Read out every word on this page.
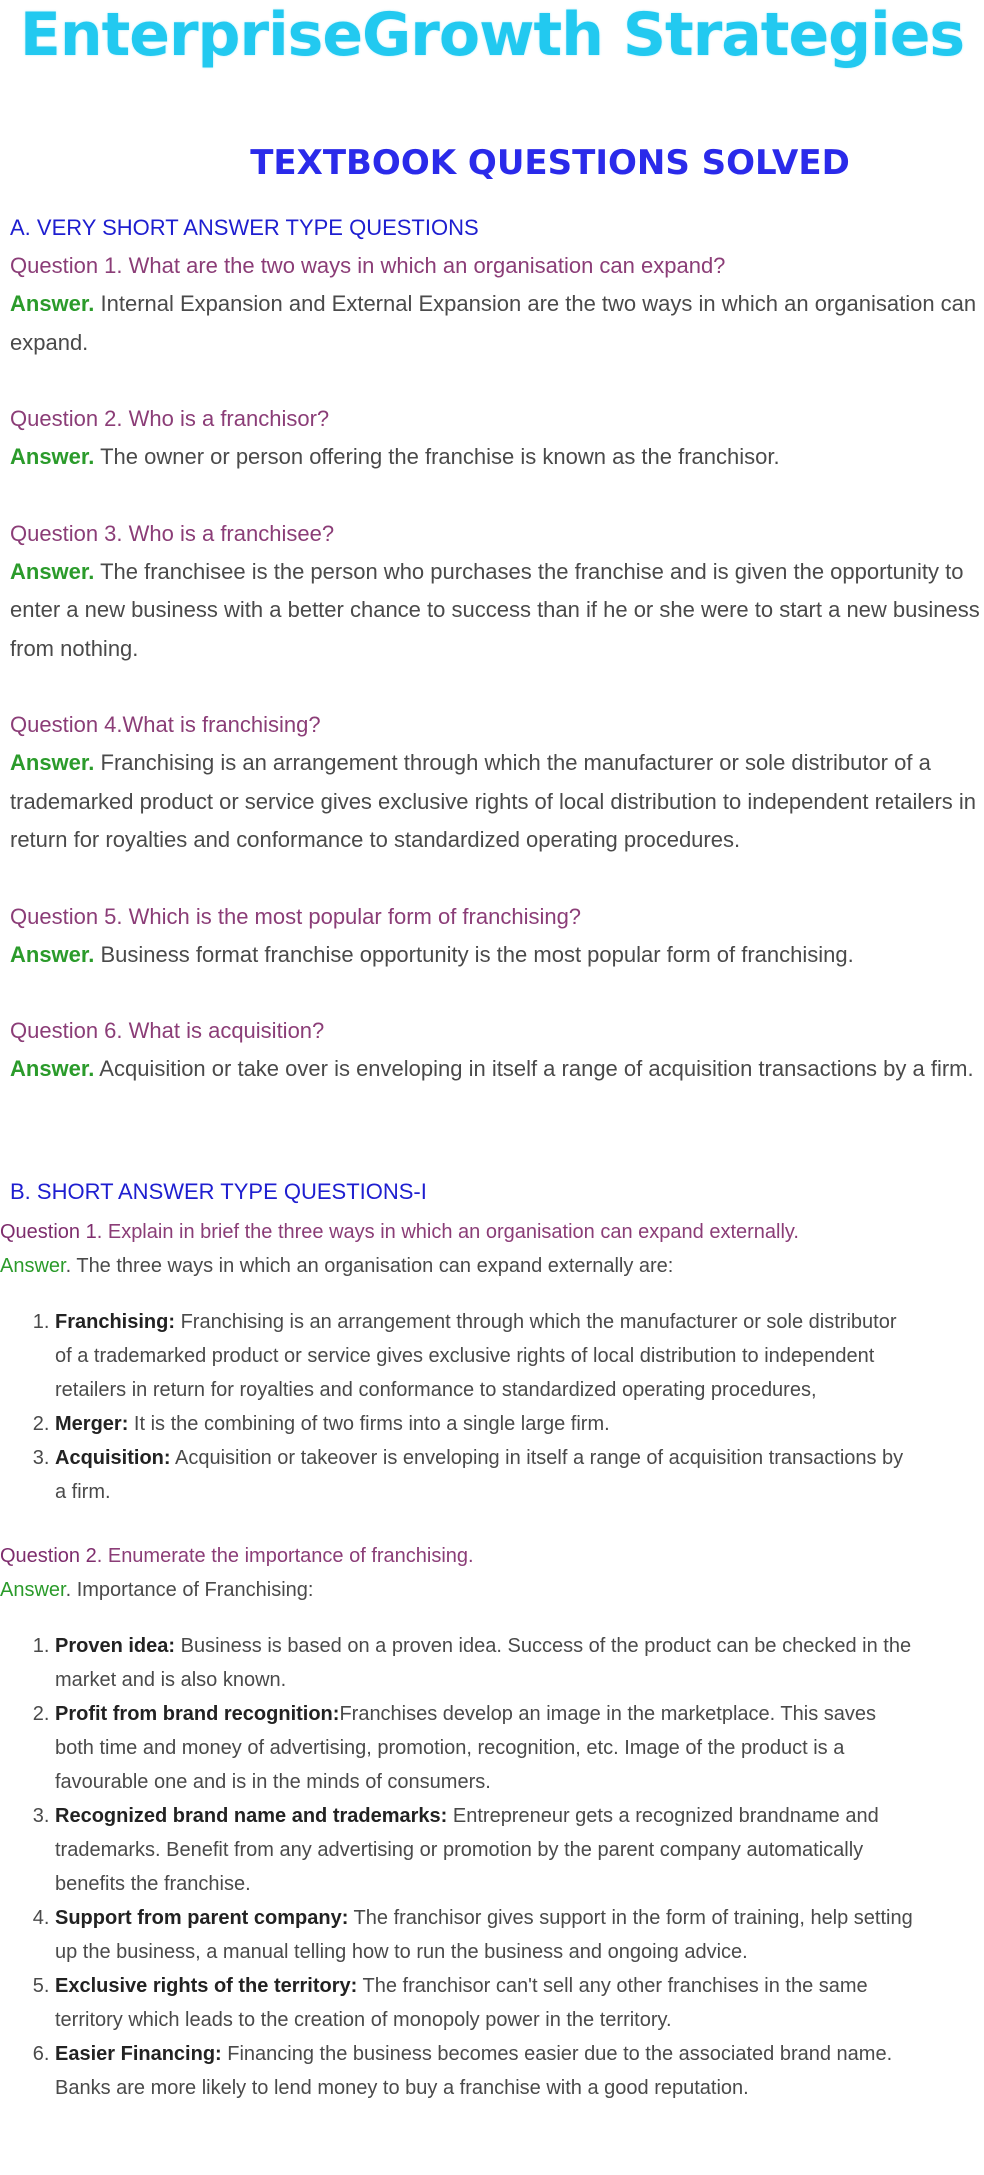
EnterpriseGrowth Strategies
TEXTBOOK QUESTIONS SOLVED

A. VERY SHORT ANSWER TYPE QUESTIONS

Question 1. What are the two ways in which an organisation can expand?

Answer. Internal Expansion and External Expansion are the two ways in which an organisation can expand.

Question 2. Who is a franchisor?

Answer. The owner or person offering the franchise is known as the franchisor.

Question 3. Who is a franchisee?

Answer. The franchisee is the person who purchases the franchise and is given the opportunity to enter a new business with a better chance to success than if he or she were to start a new business from nothing.

Question 4.What is franchising?

Answer. Franchising is an arrangement through which the manufacturer or sole distributor of a trademarked product or service gives exclusive rights of local distribution to independent retailers in return for royalties and conformance to standardized operating procedures.

Question 5. Which is the most popular form of franchising?

Answer. Business format franchise opportunity is the most popular form of franchising.

Question 6. What is acquisition?

Answer. Acquisition or take over is enveloping in itself a range of acquisition transactions by a firm.

B. SHORT ANSWER TYPE QUESTIONS-I

Question 1. Explain in brief the three ways in which an organisation can expand externally.

Answer. The three ways in which an organisation can expand externally are:

1. Franchising: Franchising is an arrangement through which the manufacturer or sole distributor of a trademarked product or service gives exclusive rights of local distribution to independent retailers in return for royalties and conformance to standardized operating procedures,
2. Merger: It is the combining of two firms into a single large firm.
3. Acquisition: Acquisition or takeover is enveloping in itself a range of acquisition transactions by a firm.

Question 2. Enumerate the importance of franchising.

Answer. Importance of Franchising:

1. Proven idea: Business is based on a proven idea. Success of the product can be checked in the market and is also known.
2. Profit from brand recognition:Franchises develop an image in the marketplace. This saves both time and money of advertising, promotion, recognition, etc. Image of the product is a favourable one and is in the minds of consumers.
3. Recognized brand name and trademarks: Entrepreneur gets a recognized brandname and trademarks. Benefit from any advertising or promotion by the parent company automatically benefits the franchise.
4. Support from parent company: The franchisor gives support in the form of training, help setting up the business, a manual telling how to run the business and ongoing advice.
5. Exclusive rights of the territory: The franchisor can't sell any other franchises in the same territory which leads to the creation of monopoly power in the territory.
6. Easier Financing: Financing the business becomes easier due to the associated brand name. Banks are more likely to lend money to buy a franchise with a good reputation.
